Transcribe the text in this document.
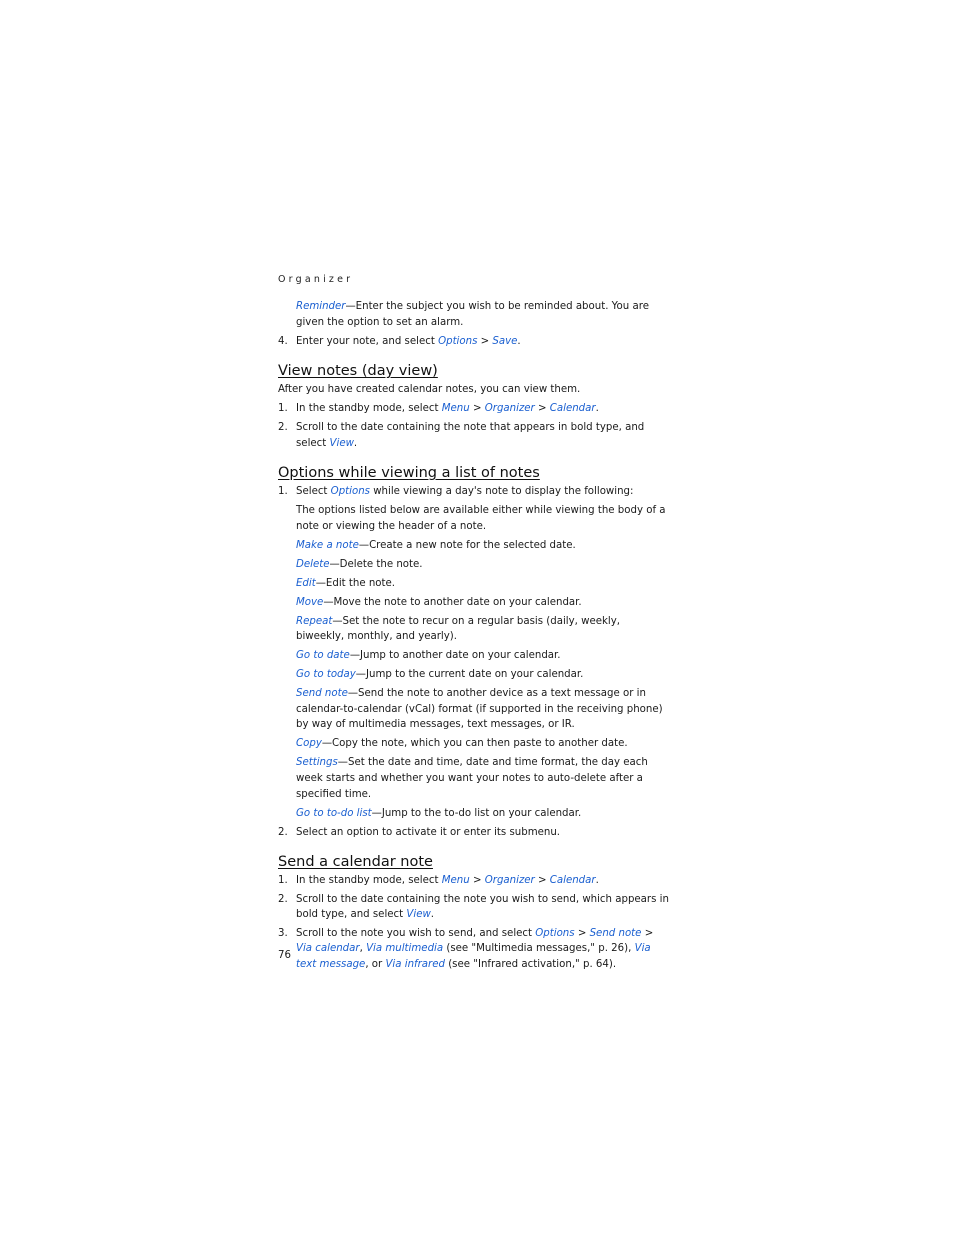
Organizer

Reminder—Enter the subject you wish to be reminded about. You are given the option to set an alarm.

4. Enter your note, and select Options > Save.
View notes (day view)

After you have created calendar notes, you can view them.

1. In the standby mode, select Menu > Organizer > Calendar.
2. Scroll to the date containing the note that appears in bold type, and select View.
Options while viewing a list of notes
1. Select Options while viewing a day's note to display the following:

The options listed below are available either while viewing the body of a note or viewing the header of a note.

Make a note—Create a new note for the selected date.

Delete—Delete the note.

Edit—Edit the note.

Move—Move the note to another date on your calendar.

Repeat—Set the note to recur on a regular basis (daily, weekly, biweekly, monthly, and yearly).

Go to date—Jump to another date on your calendar.

Go to today—Jump to the current date on your calendar.

Send note—Send the note to another device as a text message or in calendar-to-calendar (vCal) format (if supported in the receiving phone) by way of multimedia messages, text messages, or IR.

Copy—Copy the note, which you can then paste to another date.

Settings—Set the date and time, date and time format, the day each week starts and whether you want your notes to auto-delete after a specified time.

Go to to-do list—Jump to the to-do list on your calendar.

2. Select an option to activate it or enter its submenu.
Send a calendar note
1. In the standby mode, select Menu > Organizer > Calendar.
2. Scroll to the date containing the note you wish to send, which appears in bold type, and select View.
3. Scroll to the note you wish to send, and select Options > Send note > Via calendar, Via multimedia (see "Multimedia messages," p. 26), Via text message, or Via infrared (see "Infrared activation," p. 64).
76
